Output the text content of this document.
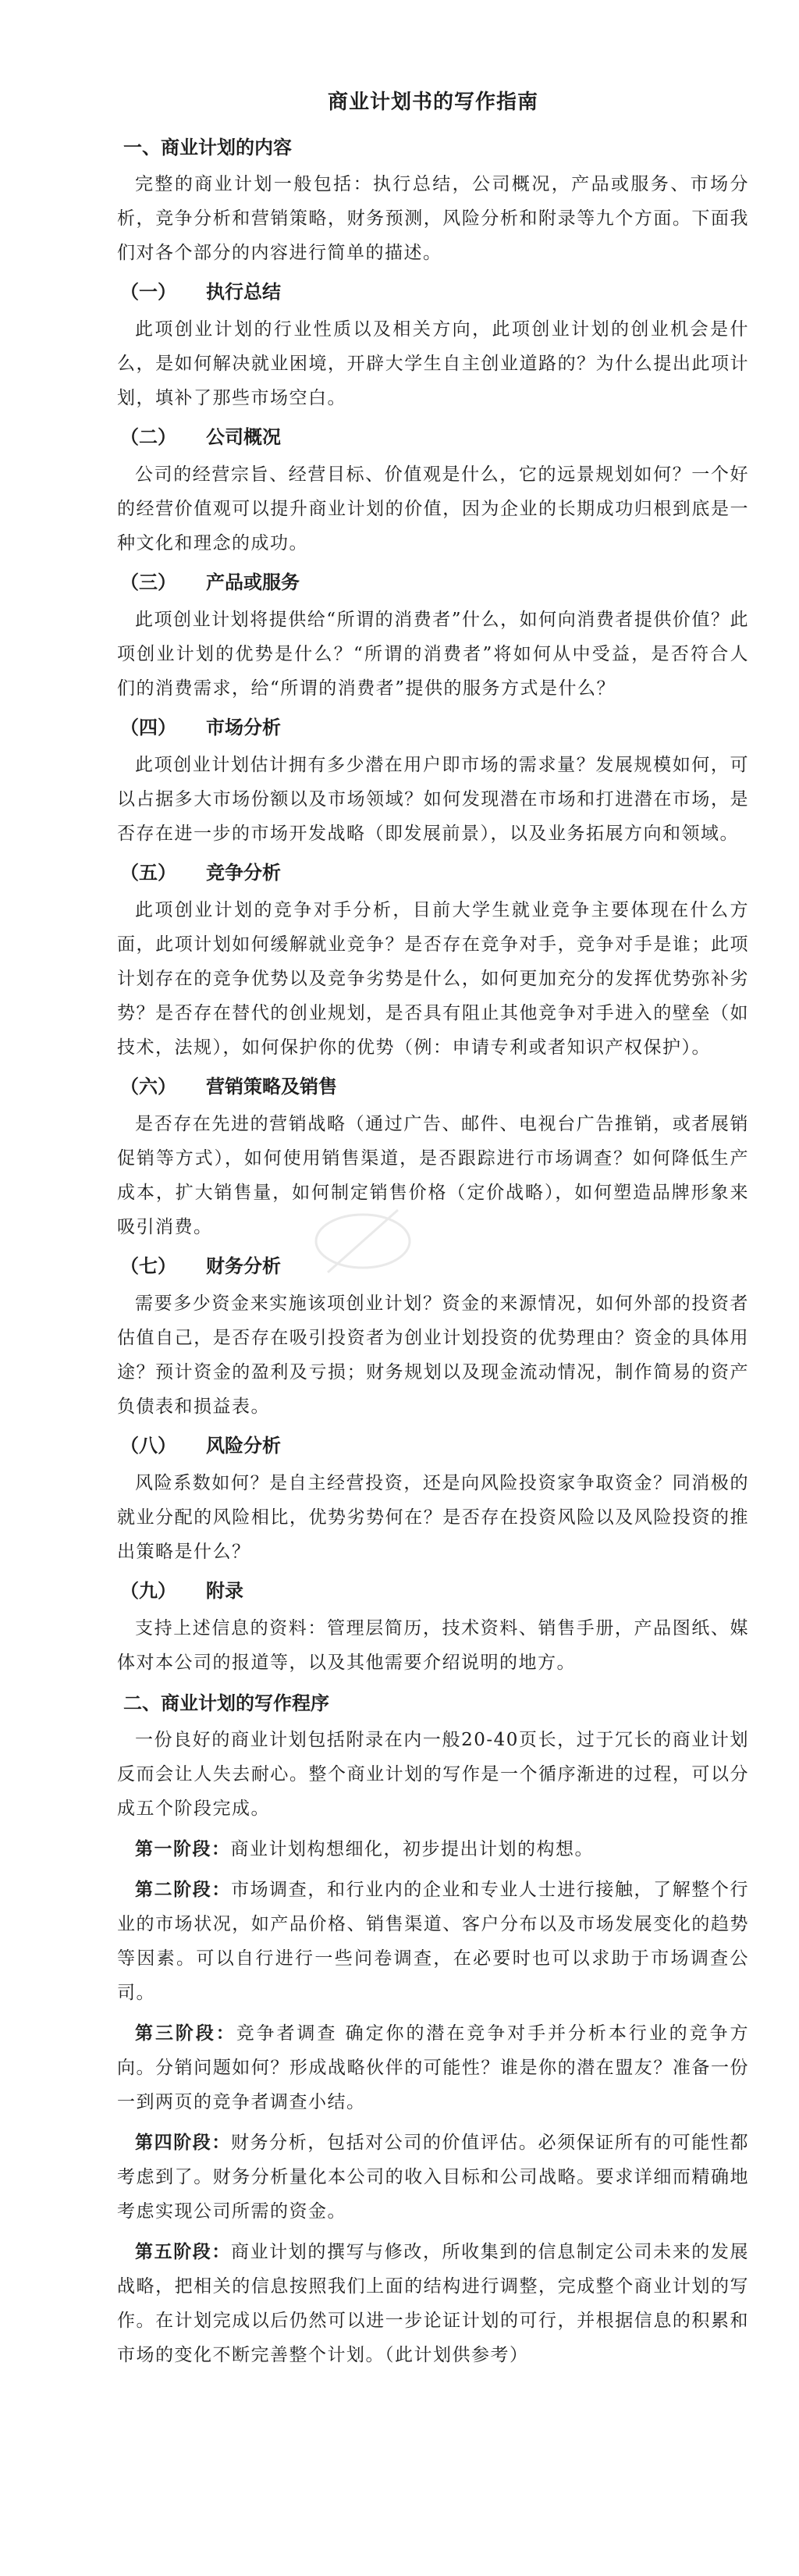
商业计划书的写作指南
一、商业计划的内容

完整的商业计划一般包括：执行总结，公司概况，产品或服务、市场分析，竞争分析和营销策略，财务预测，风险分析和附录等九个方面。下面我们对各个部分的内容进行简单的描述。

（一） 执行总结

此项创业计划的行业性质以及相关方向，此项创业计划的创业机会是什么，是如何解决就业困境，开辟大学生自主创业道路的？为什么提出此项计划，填补了那些市场空白。

（二） 公司概况

公司的经营宗旨、经营目标、价值观是什么，它的远景规划如何？一个好的经营价值观可以提升商业计划的价值，因为企业的长期成功归根到底是一种文化和理念的成功。

（三） 产品或服务

此项创业计划将提供给“所谓的消费者”什么，如何向消费者提供价值？此项创业计划的优势是什么？“所谓的消费者”将如何从中受益，是否符合人们的消费需求，给“所谓的消费者”提供的服务方式是什么？

（四） 市场分析

此项创业计划估计拥有多少潜在用户即市场的需求量？发展规模如何，可以占据多大市场份额以及市场领域？如何发现潜在市场和打进潜在市场，是否存在进一步的市场开发战略（即发展前景），以及业务拓展方向和领域。

（五） 竞争分析

此项创业计划的竞争对手分析，目前大学生就业竞争主要体现在什么方面，此项计划如何缓解就业竞争？是否存在竞争对手，竞争对手是谁；此项计划存在的竞争优势以及竞争劣势是什么，如何更加充分的发挥优势弥补劣势？是否存在替代的创业规划，是否具有阻止其他竞争对手进入的壁垒（如技术，法规），如何保护你的优势（例：申请专利或者知识产权保护）。

（六） 营销策略及销售

是否存在先进的营销战略（通过广告、邮件、电视台广告推销，或者展销促销等方式），如何使用销售渠道，是否跟踪进行市场调查？如何降低生产成本，扩大销售量，如何制定销售价格（定价战略），如何塑造品牌形象来吸引消费。

（七） 财务分析

需要多少资金来实施该项创业计划？资金的来源情况，如何外部的投资者估值自己，是否存在吸引投资者为创业计划投资的优势理由？资金的具体用途？预计资金的盈利及亏损；财务规划以及现金流动情况，制作简易的资产负债表和损益表。

（八） 风险分析

风险系数如何？是自主经营投资，还是向风险投资家争取资金？同消极的就业分配的风险相比，优势劣势何在？是否存在投资风险以及风险投资的推出策略是什么？

（九） 附录

支持上述信息的资料：管理层简历，技术资料、销售手册，产品图纸、媒体对本公司的报道等，以及其他需要介绍说明的地方。

二、商业计划的写作程序

一份良好的商业计划包括附录在内一般20-40页长，过于冗长的商业计划反而会让人失去耐心。整个商业计划的写作是一个循序渐进的过程，可以分成五个阶段完成。

第一阶段：商业计划构想细化，初步提出计划的构想。

第二阶段：市场调查，和行业内的企业和专业人士进行接触，了解整个行业的市场状况，如产品价格、销售渠道、客户分布以及市场发展变化的趋势等因素。可以自行进行一些问卷调查，在必要时也可以求助于市场调查公司。

第三阶段：竞争者调查 确定你的潜在竞争对手并分析本行业的竞争方向。分销问题如何？形成战略伙伴的可能性？谁是你的潜在盟友？准备一份一到两页的竞争者调查小结。

第四阶段：财务分析，包括对公司的价值评估。必须保证所有的可能性都考虑到了。财务分析量化本公司的收入目标和公司战略。要求详细而精确地考虑实现公司所需的资金。

第五阶段：商业计划的撰写与修改，所收集到的信息制定公司未来的发展战略，把相关的信息按照我们上面的结构进行调整，完成整个商业计划的写作。在计划完成以后仍然可以进一步论证计划的可行，并根据信息的积累和市场的变化不断完善整个计划。（此计划供参考）
